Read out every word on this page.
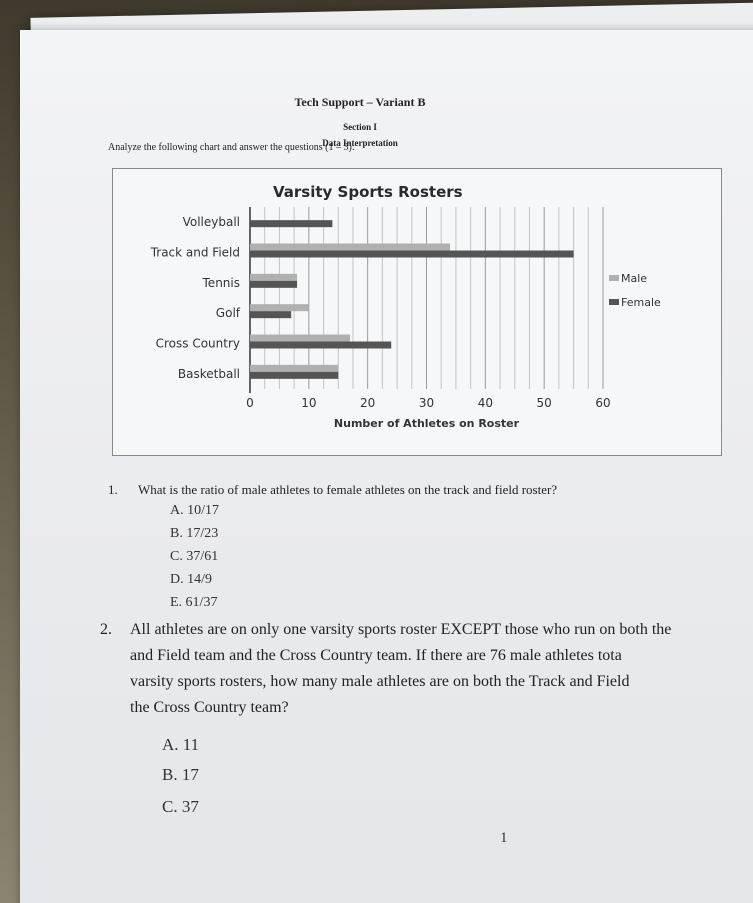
Tech Support – Variant B
Section I
Data Interpretation
Analyze the following chart and answer the questions (1 – 3):
Varsity Sports Rosters
Volleyball
Track and Field
Tennis
Golf
Cross Country
Basketball
0	10	20	30	40	50	60
Number of Athletes on Roster
Male
Female
1. What is the ratio of male athletes to female athletes on the track and field roster?
A. 10/17
B. 17/23
C. 37/61
D. 14/9
E. 61/37
2. All athletes are on only one varsity sports roster EXCEPT those who run on both the
and Field team and the Cross Country team. If there are 76 male athletes tota
varsity sports rosters, how many male athletes are on both the Track and Field
the Cross Country team?
A. 11
B. 17
C. 37
1
